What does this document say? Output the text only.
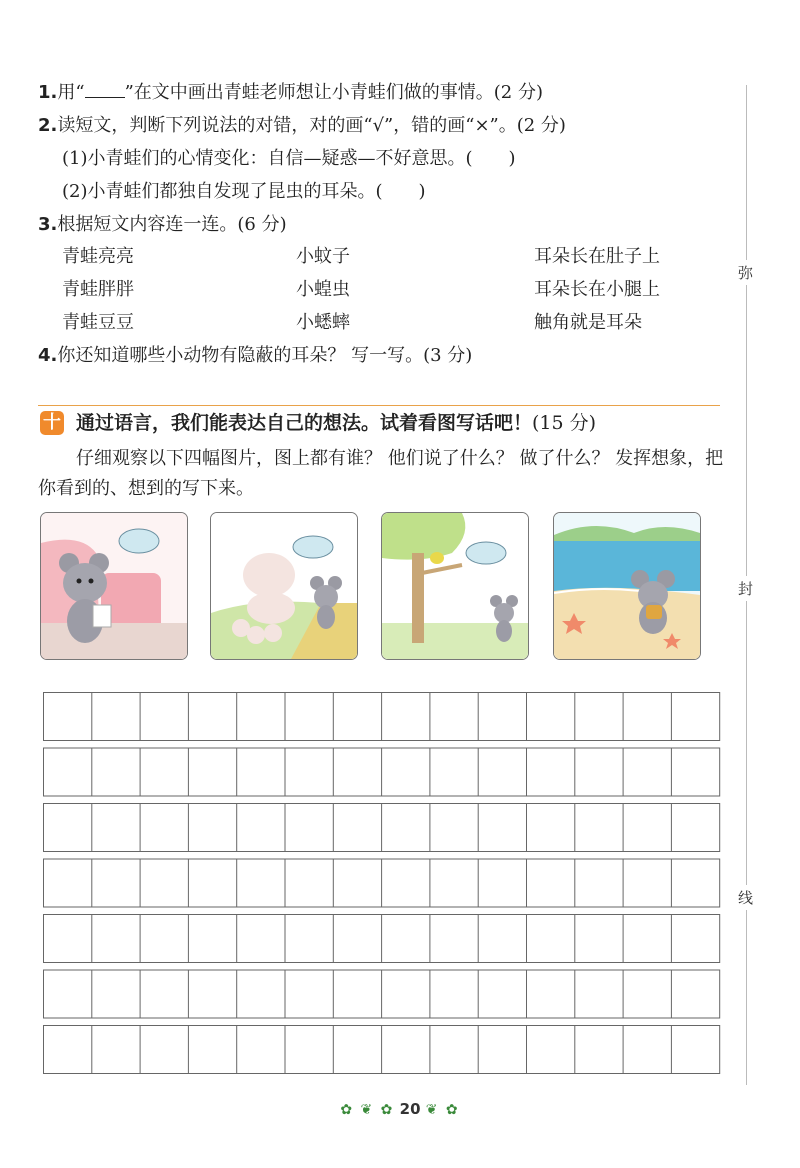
1.用“ ”在文中画出青蛙老师想让小青蛙们做的事情。(2 分)
2.读短文，判断下列说法的对错，对的画“√”，错的画“×”。(2 分)
(1)小青蛙们的心情变化：自信—疑惑—不好意思。(　　)
(2)小青蛙们都独自发现了昆虫的耳朵。(　　)
3.根据短文内容连一连。(6 分)
青蛙亮亮
青蛙胖胖
青蛙豆豆
小蚊子
小蝗虫
小蟋蟀
耳朵长在肚子上
耳朵长在小腿上
触角就是耳朵
4.你还知道哪些小动物有隐蔽的耳朵？ 写一写。(3 分)
十 通过语言，我们能表达自己的想法。试着看图写话吧！(15 分)
仔细观察以下四幅图片，图上都有谁？ 他们说了什么？ 做了什么？ 发挥想象，把你看到的、想到的写下来。
弥
封
线
✿ ❦ ✿ 20 ❦ ✿
